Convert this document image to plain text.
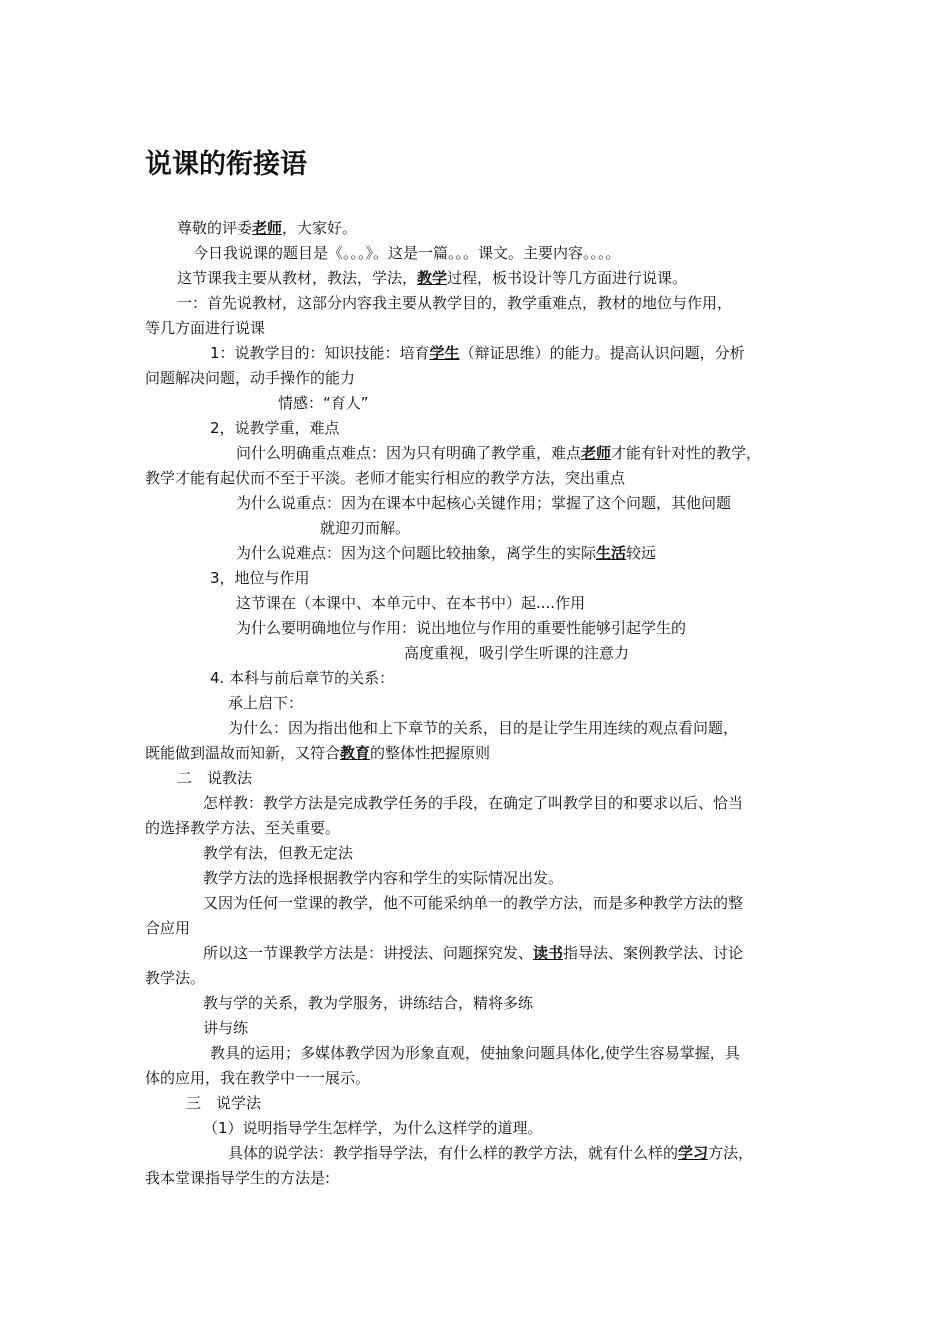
说课的衔接语
尊敬的评委老师，大家好。
今日我说课的题目是《。。。》。这是一篇。。。课文。主要内容。。。。
这节课我主要从教材，教法，学法，教学过程，板书设计等几方面进行说课。
一：首先说教材，这部分内容我主要从教学目的，教学重难点，教材的地位与作用，
等几方面进行说课
1：说教学目的：知识技能：培育学生（辩证思维）的能力。提高认识问题，分析
问题解决问题，动手操作的能力
情感：“育人”
2，说教学重，难点
问什么明确重点难点：因为只有明确了教学重，难点老师才能有针对性的教学，
教学才能有起伏而不至于平淡。老师才能实行相应的教学方法，突出重点
为什么说重点：因为在课本中起核心关键作用；掌握了这个问题，其他问题
就迎刃而解。
为什么说难点：因为这个问题比较抽象，离学生的实际生活较远
3，地位与作用
这节课在（本课中、本单元中、在本书中）起....作用
为什么要明确地位与作用：说出地位与作用的重要性能够引起学生的
高度重视，吸引学生听课的注意力
4. 本科与前后章节的关系：
承上启下：
为什么：因为指出他和上下章节的关系，目的是让学生用连续的观点看问题，
既能做到温故而知新，又符合教育的整体性把握原则
二　说教法
怎样教：教学方法是完成教学任务的手段，在确定了叫教学目的和要求以后、恰当
的选择教学方法、至关重要。
教学有法，但教无定法
教学方法的选择根据教学内容和学生的实际情况出发。
又因为任何一堂课的教学，他不可能采纳单一的教学方法，而是多种教学方法的整
合应用
所以这一节课教学方法是：讲授法、问题探究发、读书指导法、案例教学法、讨论
教学法。
教与学的关系，教为学服务，讲练结合，精将多练
讲与练
教具的运用；多媒体教学因为形象直观，使抽象问题具体化,使学生容易掌握，具
体的应用，我在教学中一一展示。
三　说学法
（1）说明指导学生怎样学，为什么这样学的道理。
具体的说学法：教学指导学法，有什么样的教学方法，就有什么样的学习方法，
我本堂课指导学生的方法是:
